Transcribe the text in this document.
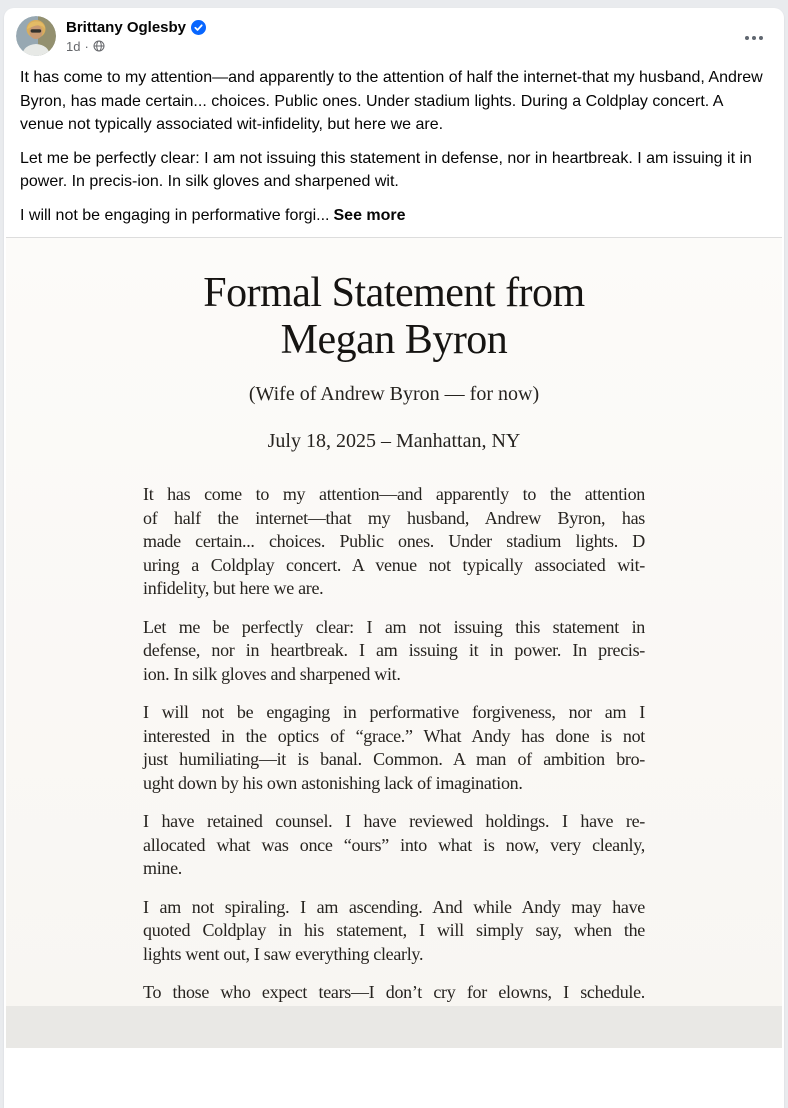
Brittany Oglesby
1d ·

It has come to my attention—and apparently to the attention of half the internet-that my husband, Andrew Byron, has made certain... choices. Public ones. Under stadium lights. During a Coldplay concert. A venue not typically associated wit-infidelity, but here we are.

Let me be perfectly clear: I am not issuing this statement in defense, nor in heartbreak. I am issuing it in power. In precis-ion. In silk gloves and sharpened wit.

I will not be engaging in performative forgi... See more

Formal Statement from
Megan Byron
(Wife of Andrew Byron — for now)
July 18, 2025 – Manhattan, NY
It has come to my attention—and apparently to the attention
of half the internet—that my husband, Andrew Byron, has
made certain... choices. Public ones. Under stadium lights. D
uring a Coldplay concert. A venue not typically associated wit-
infidelity, but here we are.
Let me be perfectly clear: I am not issuing this statement in
defense, nor in heartbreak. I am issuing it in power. In precis-
ion. In silk gloves and sharpened wit.
I will not be engaging in performative forgiveness, nor am I
interested in the optics of “grace.” What Andy has done is not
just humiliating—it is banal. Common. A man of ambition bro-
ught down by his own astonishing lack of imagination.
I have retained counsel. I have reviewed holdings. I have re-
allocated what was once “ours” into what is now, very cleanly,
mine.
I am not spiraling. I am ascending. And while Andy may have
quoted Coldplay in his statement, I will simply say, when the
lights went out, I saw everything clearly.
To those who expect tears—I don’t cry for elowns, I schedule.
